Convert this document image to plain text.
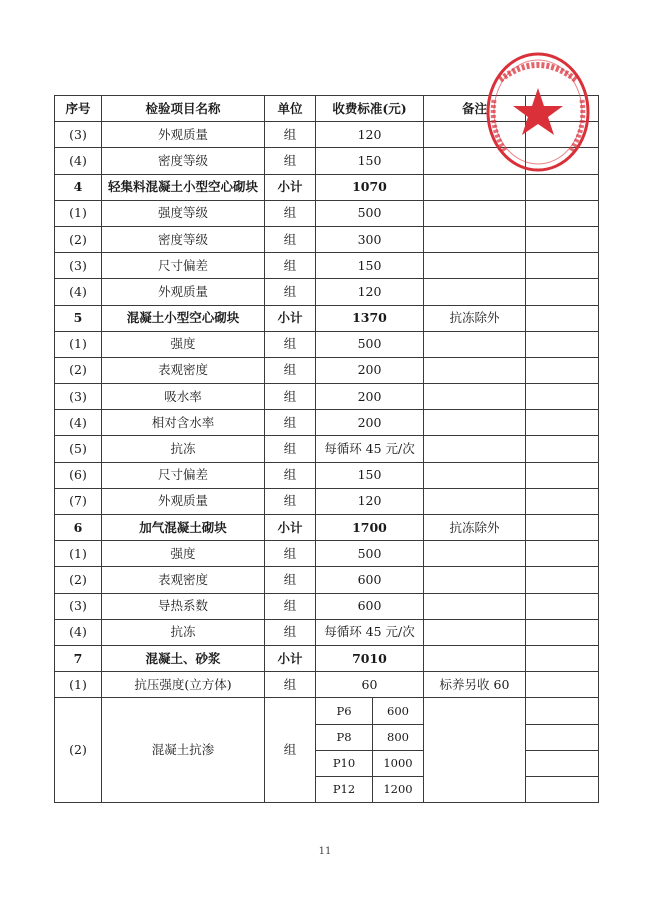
序号	检验项目名称	单位	收费标准(元)		备注	
(3)	外观质量	组	120			
(4)	密度等级	组	150			
4	轻集料混凝土小型空心砌块	小计	1070			
(1)	强度等级	组	500			
(2)	密度等级	组	300			
(3)	尺寸偏差	组	150			
(4)	外观质量	组	120			
5	混凝土小型空心砌块	小计	1370		抗冻除外	
(1)	强度	组	500			
(2)	表观密度	组	200			
(3)	吸水率	组	200			
(4)	相对含水率	组	200			
(5)	抗冻	组	每循环 45 元/次			
(6)	尺寸偏差	组	150			
(7)	外观质量	组	120			
6	加气混凝土砌块	小计	1700		抗冻除外	
(1)	强度	组	500			
(2)	表观密度	组	600			
(3)	导热系数	组	600			
(4)	抗冻	组	每循环 45 元/次			
7	混凝土、砂浆	小计	7010			
(1)	抗压强度(立方体)	组	60		标养另收 60	
(2)	混凝土抗渗	组	P6	600		
			P8	800		
			P10	1000		
			P12	1200		
11
